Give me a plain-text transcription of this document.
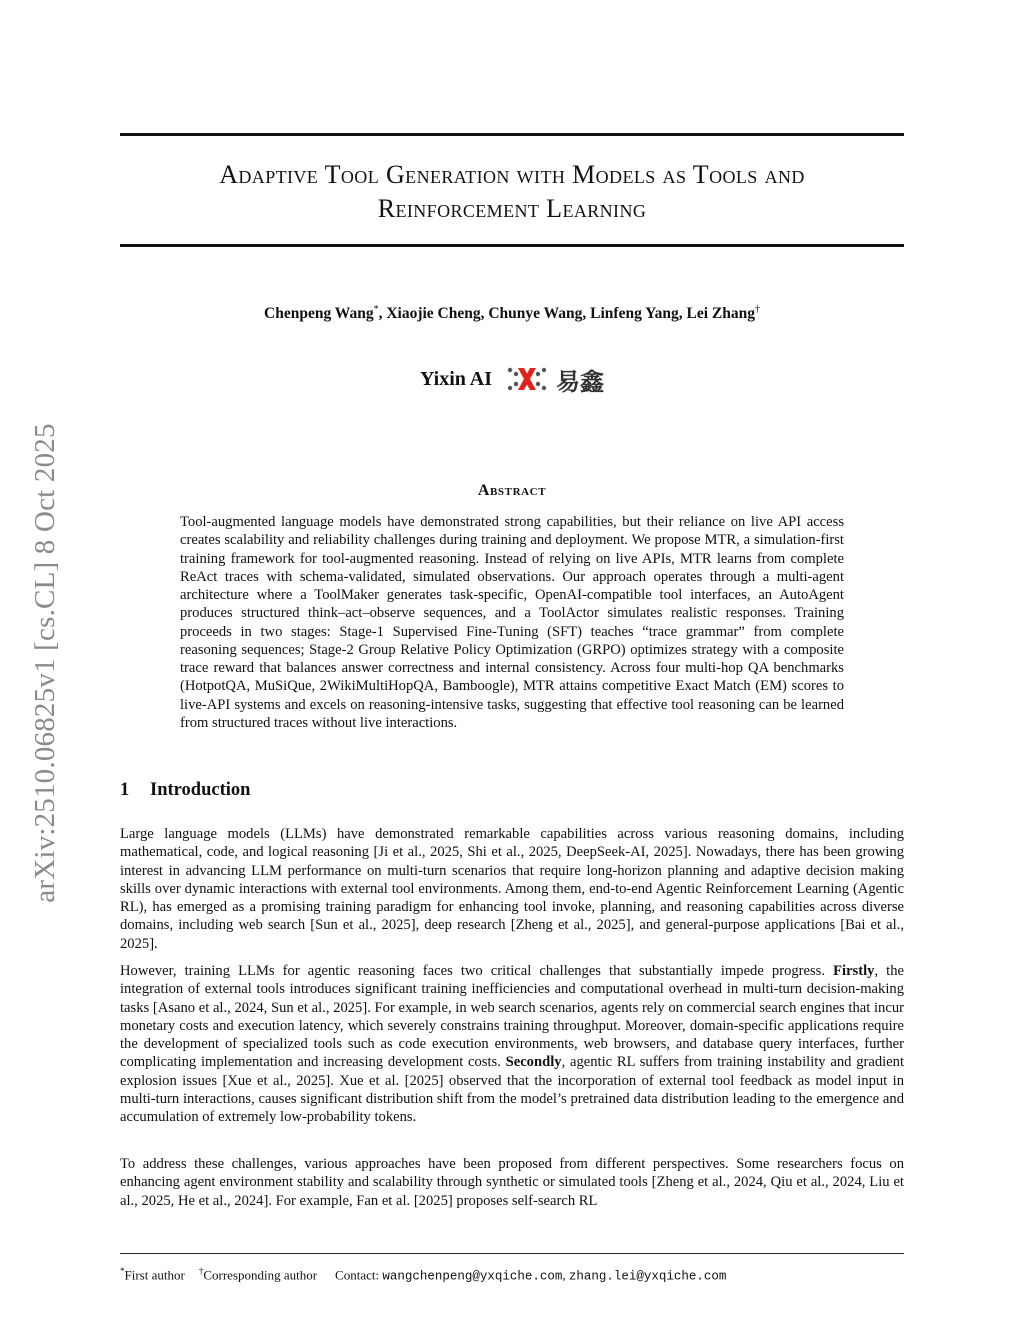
arXiv:2510.06825v1 [cs.CL] 8 Oct 2025
Adaptive Tool Generation with Models as Tools and
Reinforcement Learning
Chenpeng Wang*, Xiaojie Cheng, Chunye Wang, Linfeng Yang, Lei Zhang†
Yixin AI	易鑫
Abstract

Tool-augmented language models have demonstrated strong capabilities, but their reliance on live API access creates scalability and reliability challenges during training and deployment. We propose MTR, a simulation-first training framework for tool-augmented reasoning. Instead of relying on live APIs, MTR learns from complete ReAct traces with schema-validated, simulated observations. Our approach operates through a multi-agent architecture where a ToolMaker generates task-specific, OpenAI-compatible tool interfaces, an AutoAgent produces structured think–act–observe sequences, and a ToolActor simulates realistic responses. Training proceeds in two stages: Stage-1 Supervised Fine-Tuning (SFT) teaches “trace grammar” from complete reasoning sequences; Stage-2 Group Relative Policy Optimization (GRPO) optimizes strategy with a composite trace reward that balances answer correctness and internal consistency. Across four multi-hop QA benchmarks (HotpotQA, MuSiQue, 2WikiMultiHopQA, Bamboogle), MTR attains competitive Exact Match (EM) scores to live-API systems and excels on reasoning-intensive tasks, suggesting that effective tool reasoning can be learned from structured traces without live interactions.

1 Introduction

Large language models (LLMs) have demonstrated remarkable capabilities across various reasoning domains, including mathematical, code, and logical reasoning [Ji et al., 2025, Shi et al., 2025, DeepSeek-AI, 2025]. Nowadays, there has been growing interest in advancing LLM performance on multi-turn scenarios that require long-horizon planning and adaptive decision making skills over dynamic interactions with external tool environments. Among them, end-to-end Agentic Reinforcement Learning (Agentic RL), has emerged as a promising training paradigm for enhancing tool invoke, planning, and reasoning capabilities across diverse domains, including web search [Sun et al., 2025], deep research [Zheng et al., 2025], and general-purpose applications [Bai et al., 2025].

However, training LLMs for agentic reasoning faces two critical challenges that substantially impede progress. Firstly, the integration of external tools introduces significant training inefficiencies and computational overhead in multi-turn decision-making tasks [Asano et al., 2024, Sun et al., 2025]. For example, in web search scenarios, agents rely on commercial search engines that incur monetary costs and execution latency, which severely constrains training throughput. Moreover, domain-specific applications require the development of specialized tools such as code execution environments, web browsers, and database query interfaces, further complicating implementation and increasing development costs. Secondly, agentic RL suffers from training instability and gradient explosion issues [Xue et al., 2025]. Xue et al. [2025] observed that the incorporation of external tool feedback as model input in multi-turn interactions, causes significant distribution shift from the model’s pretrained data distribution leading to the emergence and accumulation of extremely low-probability tokens.

To address these challenges, various approaches have been proposed from different perspectives. Some researchers focus on enhancing agent environment stability and scalability through synthetic or simulated tools [Zheng et al., 2024, Qiu et al., 2024, Liu et al., 2025, He et al., 2024]. For example, Fan et al. [2025] proposes self-search RL

*First author †Corresponding author Contact: wangchenpeng@yxqiche.com, zhang.lei@yxqiche.com
